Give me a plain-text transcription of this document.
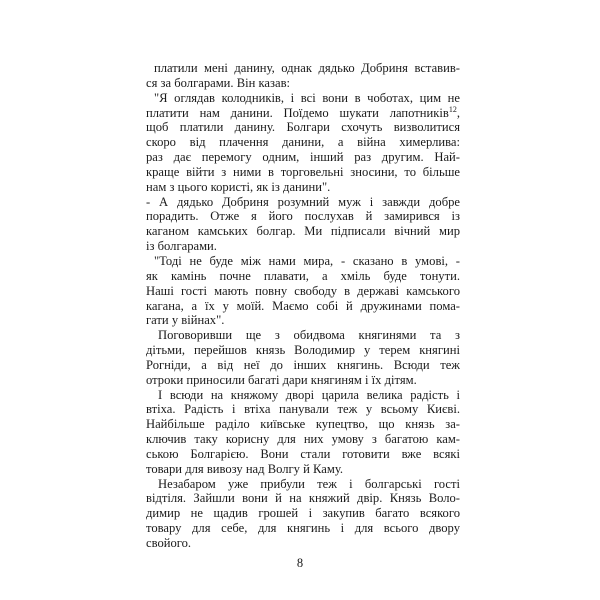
платили мені данину, однак дядько Добриня вставив-
ся за болгарами. Він казав:
"Я оглядав колодників, і всі вони в чоботах, цим не
платити нам данини. Поїдемо шукати лапотників$^{12}$,
щоб платили данину. Болгари схочуть визволитися
скоро від плачення данини, а війна химерлива:
раз дає перемогу одним, інший раз другим. Най-
краще війти з ними в торговельні зносини, то більше
нам з цього користі, як із данини".
- А дядько Добриня розумний муж і завжди добре
порадить. Отже я його послухав й замирився із
каганом камських болгар. Ми підписали вічний мир
із болгарами.
"Тоді не буде між нами мира, - сказано в умові, -
як камінь почне плавати, а хміль буде тонути.
Наші гості мають повну свободу в державі камського
кагана, а їх у моїй. Маємо собі й дружинами пома-
гати у війнах".
Поговоривши ще з обидвома княгинями та з
дітьми, перейшов князь Володимир у терем княгині
Рогніди, а від неї до інших княгинь. Всюди теж
отроки приносили багаті дари княгиням і їх дітям.
І всюди на княжому дворі царила велика радість і
втіха. Радість і втіха панували теж у всьому Києві.
Найбільше раділо київське купецтво, що князь за-
ключив таку корисну для них умову з багатою кам-
ською Болгарією. Вони стали готовити вже всякі
товари для вивозу над Волгу й Каму.
Незабаром уже прибули теж і болгарські гості
відтіля. Зайшли вони й на княжий двір. Князь Воло-
димир не щадив грошей і закупив багато всякого
товару для себе, для княгинь і для всього двору
свойого.
8
